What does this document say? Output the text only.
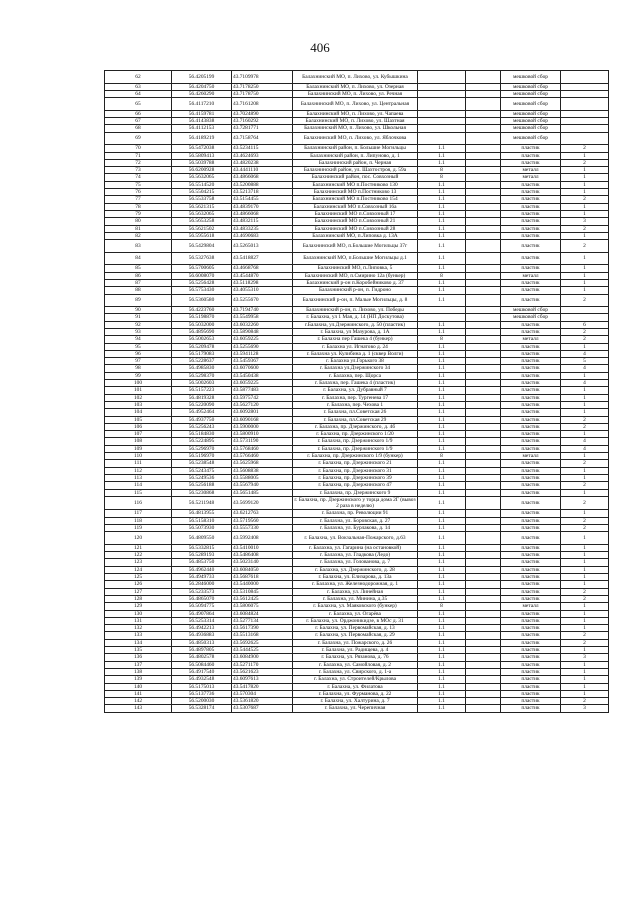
406
62	56.4205199	43.7109978	Балахнинский МО, п. Лихово, ул. Кубышкина			мешковой сбор	
63	56.4204750	43.7178250	Балахнинский МО, п. Лихово, ул. Озерная			мешковой сбор	
64	56.4260290	43.7178750	Балахнинский МО, п. Лихово, ул. Речная			мешковой сбор	
65	56.4117210	43.7161208	Балахнинский МО, п. Лихово, ул. Центральная			мешковой сбор	
66	56.4159781	43.7024890	Балахнинский МО, п. Лихово, ул. Чапаева			мешковой сбор	
67	56.4143838	43.7160292	Балахнинский МО, п. Лихово, ул. Шахтная			мешковой сбор	
68	56.4112153	43.7281771	Балахнинский МО, п. Лихово, ул. Школьная			мешковой сбор	
69	56.4189219	43.7158764	Балахнинский МО, п. Лихово, ул. Яблочкова			мешковой сбор	
70	56.5472038	43.5234115	Балахнинский район, п. Большие Могильцы	1.1		пластик	2
71	56.5809413	43.4624693	Балахнинский район, п. Липуново, д. 1	1.1		пластик	1
72	56.5039788	43.4820238	Балахнинский район, п. Черная	1.1		пластик	2
73	56.6200928	43.4441110	Балахнинский район, ул. Шахтостроя, д. 59а	8		металл	1
74	56.5632065	43.4866068	Балахнинский район, пос. Совхозный	8		металл	1
75	56.5514520	43.5200888	Балахнинский МО п.Постниково 130	1.1		пластик	1
76	56.5504215	43.5213718	Балахнинский МО п.Постниково 13	1.1		пластик	1
77	56.5533758	43.5154455	Балахнинский МО п.Постниково 154	1.1		пластик	2
78	56.5621315	43.4839170	Балахнинский МО п.Совхозный 16а	1.1		пластик	1
79	56.5632065	43.4866068	Балахнинский МО п.Совхозный 17	1.1		пластик	1
80	56.5653258	43.4832115	Балахнинский МО п.Совхозный 21	1.1		пластик	3
81	56.5621502	43.4833235	Балахнинский МО п.Совхозный 28	1.1		пластик	2
82	56.5955618	43.4690683	Балахнинский МО, п.Липовка д. 13А	1.1		пластик	1
83	56.5429804	43.5265013	Балахнинский МО, п.Большие Могильцы 37г	1.1		пластик	2
84	56.5327638	43.5418827	Балахнинский МО, п.Большие Могильцы д.1	1.1		пластик	1
85	56.5700605	43.4668768	Балахнинский МО, п.Липовка, 5	1.1		пластик	1
86	56.6008070	43.4544870	Балахнинский МО, п.Смирино 12а (бункер)	8		металл	1
87	56.5256428	43.5118298	Балахнинский р-он п.Коробейниково д. 37	1.1		пластик	1
88	56.5753430	43.4055310	Балахнинский р-он, п. Гидроно	1.1		пластик	1
89	56.5360580	43.5255670	Балахнинский р-он, п. Малые Могильцы, д. 8	1.1		пластик	2
90	56.4223760	43.7194740	Балахнинский р-он, п. Лихово, ул. Победы			мешковой сбор	
91	56.5198870	43.5549958	г. Балахна, ул 1 Мая, д. 14 (НП Доскутова)			мешковой сбор	
92	56.5032000	43.6032260	г.Балахна, ул.Дзержинского, д. 50 (пластик)	1.1		пластик	6
93	56.4895690	43.5890848	г. Балахна, ул Мазурова, д. 1А	1.1		пластик	2
94	56.5002653	43.6059225	г. Балахна пер Гашека 4 (бункер)	8		металл	2
95	56.5209478	43.5255690	г. Балахна ул. Игнатово д. 24	1.1		пластик	1
96	56.5179083	43.5941128	г. Балахна ул. Кулибина д. 1 (сквер Волги)	1.1		пластик	4
97	56.5228637	43.5459367	г. Балахна ул.Горького 38	1.1		пластик	5
98	56.4985830	43.6070600	г. Балахна ул.Дзержинского 34	1.1		пластик	4
99	56.5298370	43.5450438	г. Балахна, пер. Щорса	1.1		пластик	1
100	56.5002603	43.6059225	г. Балахна, пер. Гашека 4 (пластик)	1.1		пластик	4
101	56.5157223	43.5877483	г. Балахна, ул. Дубравный 7	1.1		пластик	1
102	56.4819328	43.5975742	г. Балахна, пер. Тургенева 17	1.1		пластик	1
103	56.5220090	43.5627120	г. Балахна, пер. Чехова 1	1.1		пластик	1
104	56.4952464	43.6092801	г. Балахна, пл.Советская 26	1.1		пластик	1
105	56.4937750	43.6090168	г. Балахна, пл.Советская 29	1.1		пластик	2
106	56.5256243	43.5900000	г. Балахна, пр. Дзержинского, д. 4б	1.1		пластик	2
107	56.5184830	43.5800910	г. Балахна, пр. Дзержинского 1/20	1.1		пластик	1
108	56.5224895	43.5731190	г. Балахна, пр. Дзержинского 1/9	1.1		пластик	4
109	56.5296970	43.5768460	г. Балахна, пр. Дзержинского 1/9	1.1		пластик	4
110	56.5196970	43.5766460	г. Балахна, пр. Дзержинского 1/9 (бункер)	8		металл	1
111	56.5238548	43.5625968	г. Балахна, пр. Дзержинского 21	1.1		пластик	2
112	56.5243475	43.5608838	г. Балахна, пр. Дзержинского 31	1.1		пластик	1
113	56.5249536	43.5588005	г. Балахна, пр. Дзержинского 39	1.1		пластик	1
114	56.5256188	43.5567940	г. Балахна, пр. Дзержинского 47	1.1		пластик	2
115	56.5230868	43.5651485	г. Балахна, пр. Дзержинского 9	1.1		пластик	1
116	56.5211948	43.5699120	г. Балахна, пр. Дзержинского у торца дома 2Г (вывоз 2 раза в неделю)	1.1		пластик	2
117	56.4813955	43.6212763	г. Балахна, пр. Революции 91	1.1		пластик	1
118	56.5158310	43.5719560	г. Балахна, ул. Боровская, д. 27	1.1		пластик	2
119	56.5073930	43.5557330	г. Балахна, ул. Бурлакова, д. 14	1.1		пластик	2
120	56.4809550	43.5992408	г. Балахна, ул. Вокзальная-Пожарского, д.63	1.1		пластик	1
121	56.5332815	43.5410010	г. Балахна, ул. Гагарина (на остановкой)	1.1		пластик	1
122	56.5289193	43.5486408	г. Балахна, ул. Гладкова (Ледо)	1.1		пластик	1
123	56.4853750	43.5023140	г. Балахна, ул. Голованова, д. 7	1.1		пластик	1
124	56.4962440	43.6084050	г. Балахна, ул. Дзержинского, д. 28	1.1		пластик	1
125	56.4949733	43.5687618	г. Балахна, ул. Елизарова, д. 13а	1.1		пластик	1
126	56.2846000	43.5440000	г. Балахна, ул. Железнодорожная, д. 1	1.1		пластик	1
127	56.5233573	43.5310845	г. Балахна, ул. Линейная	1.1		пластик	2
128	56.4865070	43.5612425	г. Балахна, ул. Минина, д.35	1.1		пластик	2
129	56.5094775	43.5806075	г. Балахна, ул. Маяковского (бункер)	8		металл	1
130	56.4907864	43.6084824	г. Балахна, ул. Огарёва	1.1		пластик	1
131	56.5253314	43.5277134	г. Балахна, ул. Орджоникидзе, в МОс д. 31	1.1		пластик	1
132	56.4942213	43.5617390	г. Балахна, ул. Первомайская, д. 13	1.1		пластик	1
133	56.4936883	43.5513168	г. Балахна, ул. Первомайская, д. 29	1.1		пластик	2
134	56.4850313	43.5692625	г. Балахна, ул. Пожарского, д. 26	1.1		пластик	2
135	56.4897805	43.5444525	г. Балахна, ул. Радищева, д. 4	1.1		пластик	1
136	56.4802578	43.6084900	г. Балахна, ул. Рязанова, д. 76	1.1		пластик	3
137	56.5084460	43.5271170	г. Балахна, ул. Самойловая, д. 2	1.1		пластик	1
138	56.4917540	43.5621623	г. Балахна, ул. Свирского, д. 1-а	1.1		пластик	1
139	56.4932548	43.6097613	г. Балахна, ул. Строителей/Крылова	1.1		пластик	1
140	56.5175013	43.5417820	г. Балахна, ул. Филатова	1.1		пластик	1
141	56.5137736	43.570304	г. Балахна, ул. Фурманова, д. 22	1.1		пластик	1
142	56.5200030	43.5361820	г. Балахна, ул. Халтурина, д. 7	1.1		пластик	2
143	56.5328174	43.5307687	г. Балахна, ул. Черепичная	1.1		пластик	3
